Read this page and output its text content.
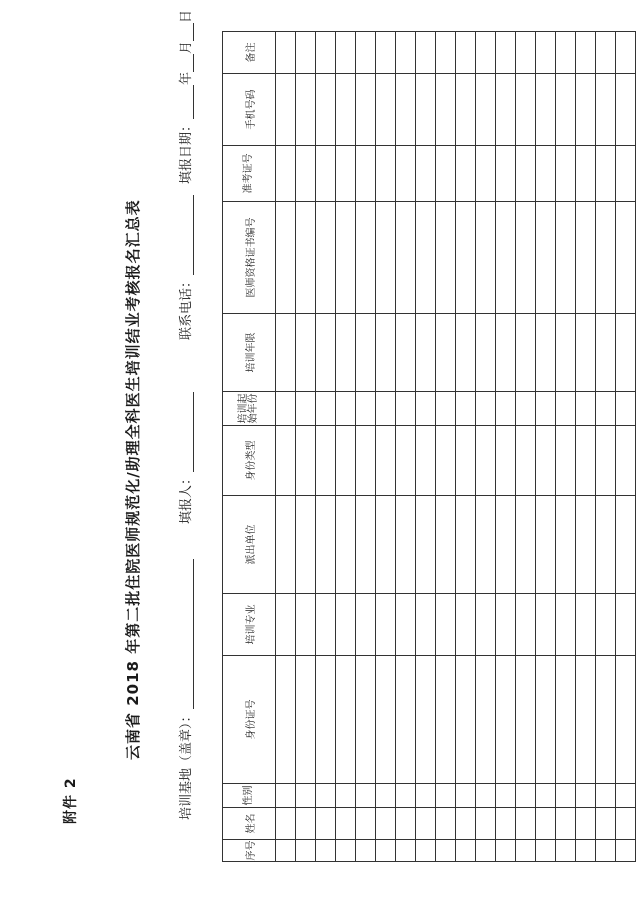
附件 2
云南省 2018 年第二批住院医师规范化/助理全科医生培训结业考核报名汇总表
培训基地（盖章）：
填报人：
联系电话：
填报日期：年月日
序号	姓名	性别	身份证号	培训专业	派出单位	身份类型	培训起始年份	培训年限	医师资格证书编号	准考证号	手机号码	备注
